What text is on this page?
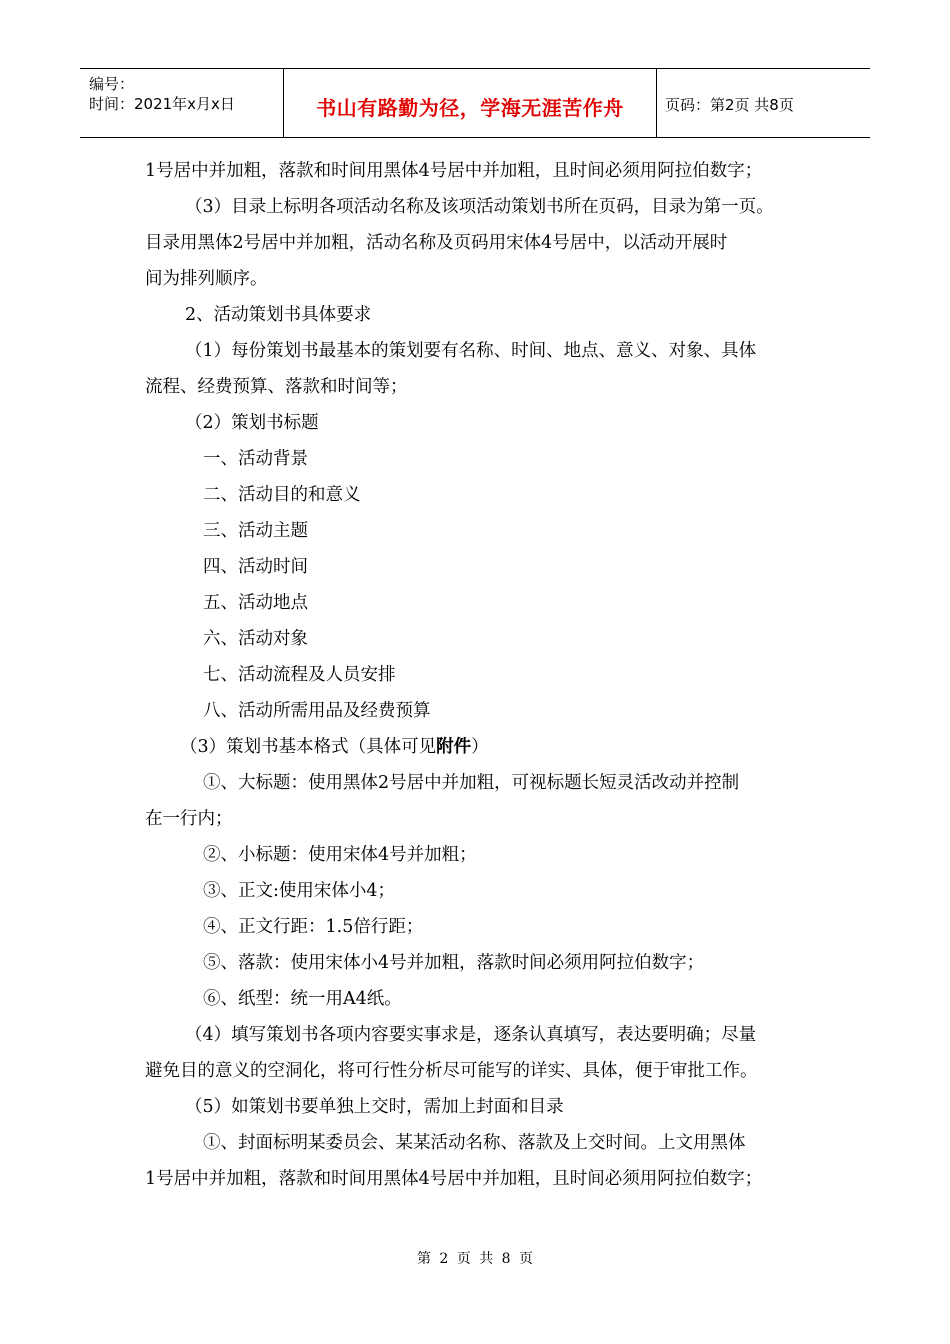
编号：
时间：2021年x月x日	书山有路勤为径，学海无涯苦作舟	页码：第2页 共8页
1号居中并加粗，落款和时间用黑体4号居中并加粗，且时间必须用阿拉伯数字；
（3）目录上标明各项活动名称及该项活动策划书所在页码，目录为第一页。
目录用黑体2号居中并加粗，活动名称及页码用宋体4号居中，以活动开展时
间为排列顺序。
2、活动策划书具体要求
（1）每份策划书最基本的策划要有名称、时间、地点、意义、对象、具体
流程、经费预算、落款和时间等；
（2）策划书标题
一、活动背景
二、活动目的和意义
三、活动主题
四、活动时间
五、活动地点
六、活动对象
七、活动流程及人员安排
八、活动所需用品及经费预算
（3）策划书基本格式（具体可见附件）
①、大标题：使用黑体2号居中并加粗，可视标题长短灵活改动并控制
在一行内；
②、小标题：使用宋体4号并加粗；
③、正文:使用宋体小4；
④、正文行距：1.5倍行距；
⑤、落款：使用宋体小4号并加粗，落款时间必须用阿拉伯数字；
⑥、纸型：统一用A4纸。
（4）填写策划书各项内容要实事求是，逐条认真填写，表达要明确；尽量
避免目的意义的空洞化，将可行性分析尽可能写的详实、具体，便于审批工作。
（5）如策划书要单独上交时，需加上封面和目录
①、封面标明某委员会、某某活动名称、落款及上交时间。上文用黑体
1号居中并加粗，落款和时间用黑体4号居中并加粗，且时间必须用阿拉伯数字；
第 2 页 共 8 页
